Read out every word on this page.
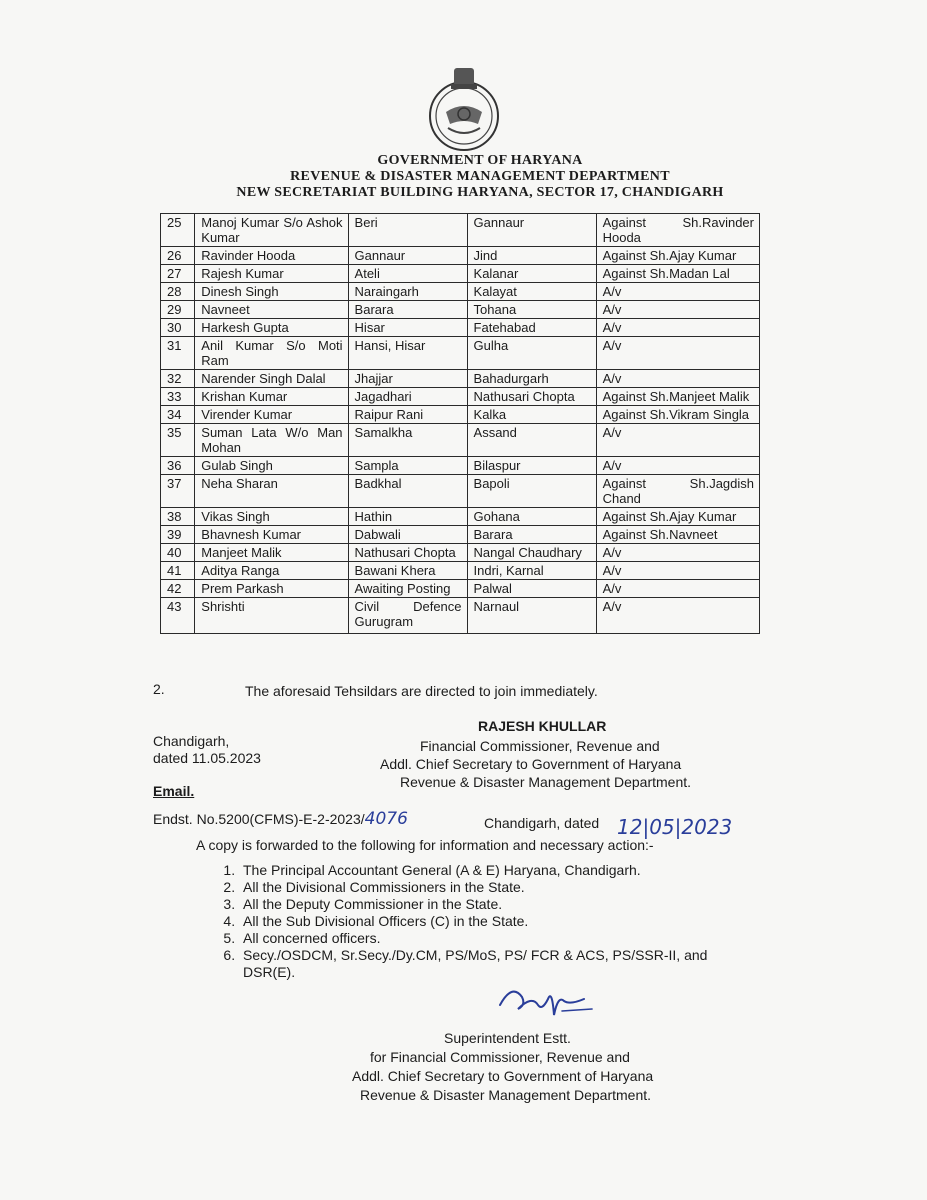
GOVERNMENT OF HARYANA
REVENUE & DISASTER MANAGEMENT DEPARTMENT
NEW SECRETARIAT BUILDING HARYANA, SECTOR 17, CHANDIGARH
25	Manoj Kumar S/o Ashok Kumar	Beri	Gannaur	Against Sh.Ravinder Hooda
26	Ravinder Hooda	Gannaur	Jind	Against Sh.Ajay Kumar
27	Rajesh Kumar	Ateli	Kalanar	Against Sh.Madan Lal
28	Dinesh Singh	Naraingarh	Kalayat	A/v
29	Navneet	Barara	Tohana	A/v
30	Harkesh Gupta	Hisar	Fatehabad	A/v
31	Anil Kumar S/o Moti Ram	Hansi, Hisar	Gulha	A/v
32	Narender Singh Dalal	Jhajjar	Bahadurgarh	A/v
33	Krishan Kumar	Jagadhari	Nathusari Chopta	Against Sh.Manjeet Malik
34	Virender Kumar	Raipur Rani	Kalka	Against Sh.Vikram Singla
35	Suman Lata W/o Man Mohan	Samalkha	Assand	A/v
36	Gulab Singh	Sampla	Bilaspur	A/v
37	Neha Sharan	Badkhal	Bapoli	Against Sh.Jagdish Chand
38	Vikas Singh	Hathin	Gohana	Against Sh.Ajay Kumar
39	Bhavnesh Kumar	Dabwali	Barara	Against Sh.Navneet
40	Manjeet Malik	Nathusari Chopta	Nangal Chaudhary	A/v
41	Aditya Ranga	Bawani Khera	Indri, Karnal	A/v
42	Prem Parkash	Awaiting Posting	Palwal	A/v
43	Shrishti	Civil Defence Gurugram	Narnaul	A/v
2.	The aforesaid Tehsildars are directed to join immediately.
Chandigarh,
dated 11.05.2023
RAJESH KHULLAR
Financial Commissioner, Revenue and
Addl. Chief Secretary to Government of Haryana
Revenue & Disaster Management Department.
Email.
Endst. No.5200(CFMS)-E-2-2023/4076	Chandigarh, dated 12|05|2023
A copy is forwarded to the following for information and necessary action:-
1. The Principal Accountant General (A & E) Haryana, Chandigarh.
2. All the Divisional Commissioners in the State.
3. All the Deputy Commissioner in the State.
4. All the Sub Divisional Officers (C) in the State.
5. All concerned officers.
6. Secy./OSDCM, Sr.Secy./Dy.CM, PS/MoS, PS/ FCR & ACS, PS/SSR-II, and DSR(E).
Superintendent Estt.
for Financial Commissioner, Revenue and
Addl. Chief Secretary to Government of Haryana
Revenue & Disaster Management Department.
